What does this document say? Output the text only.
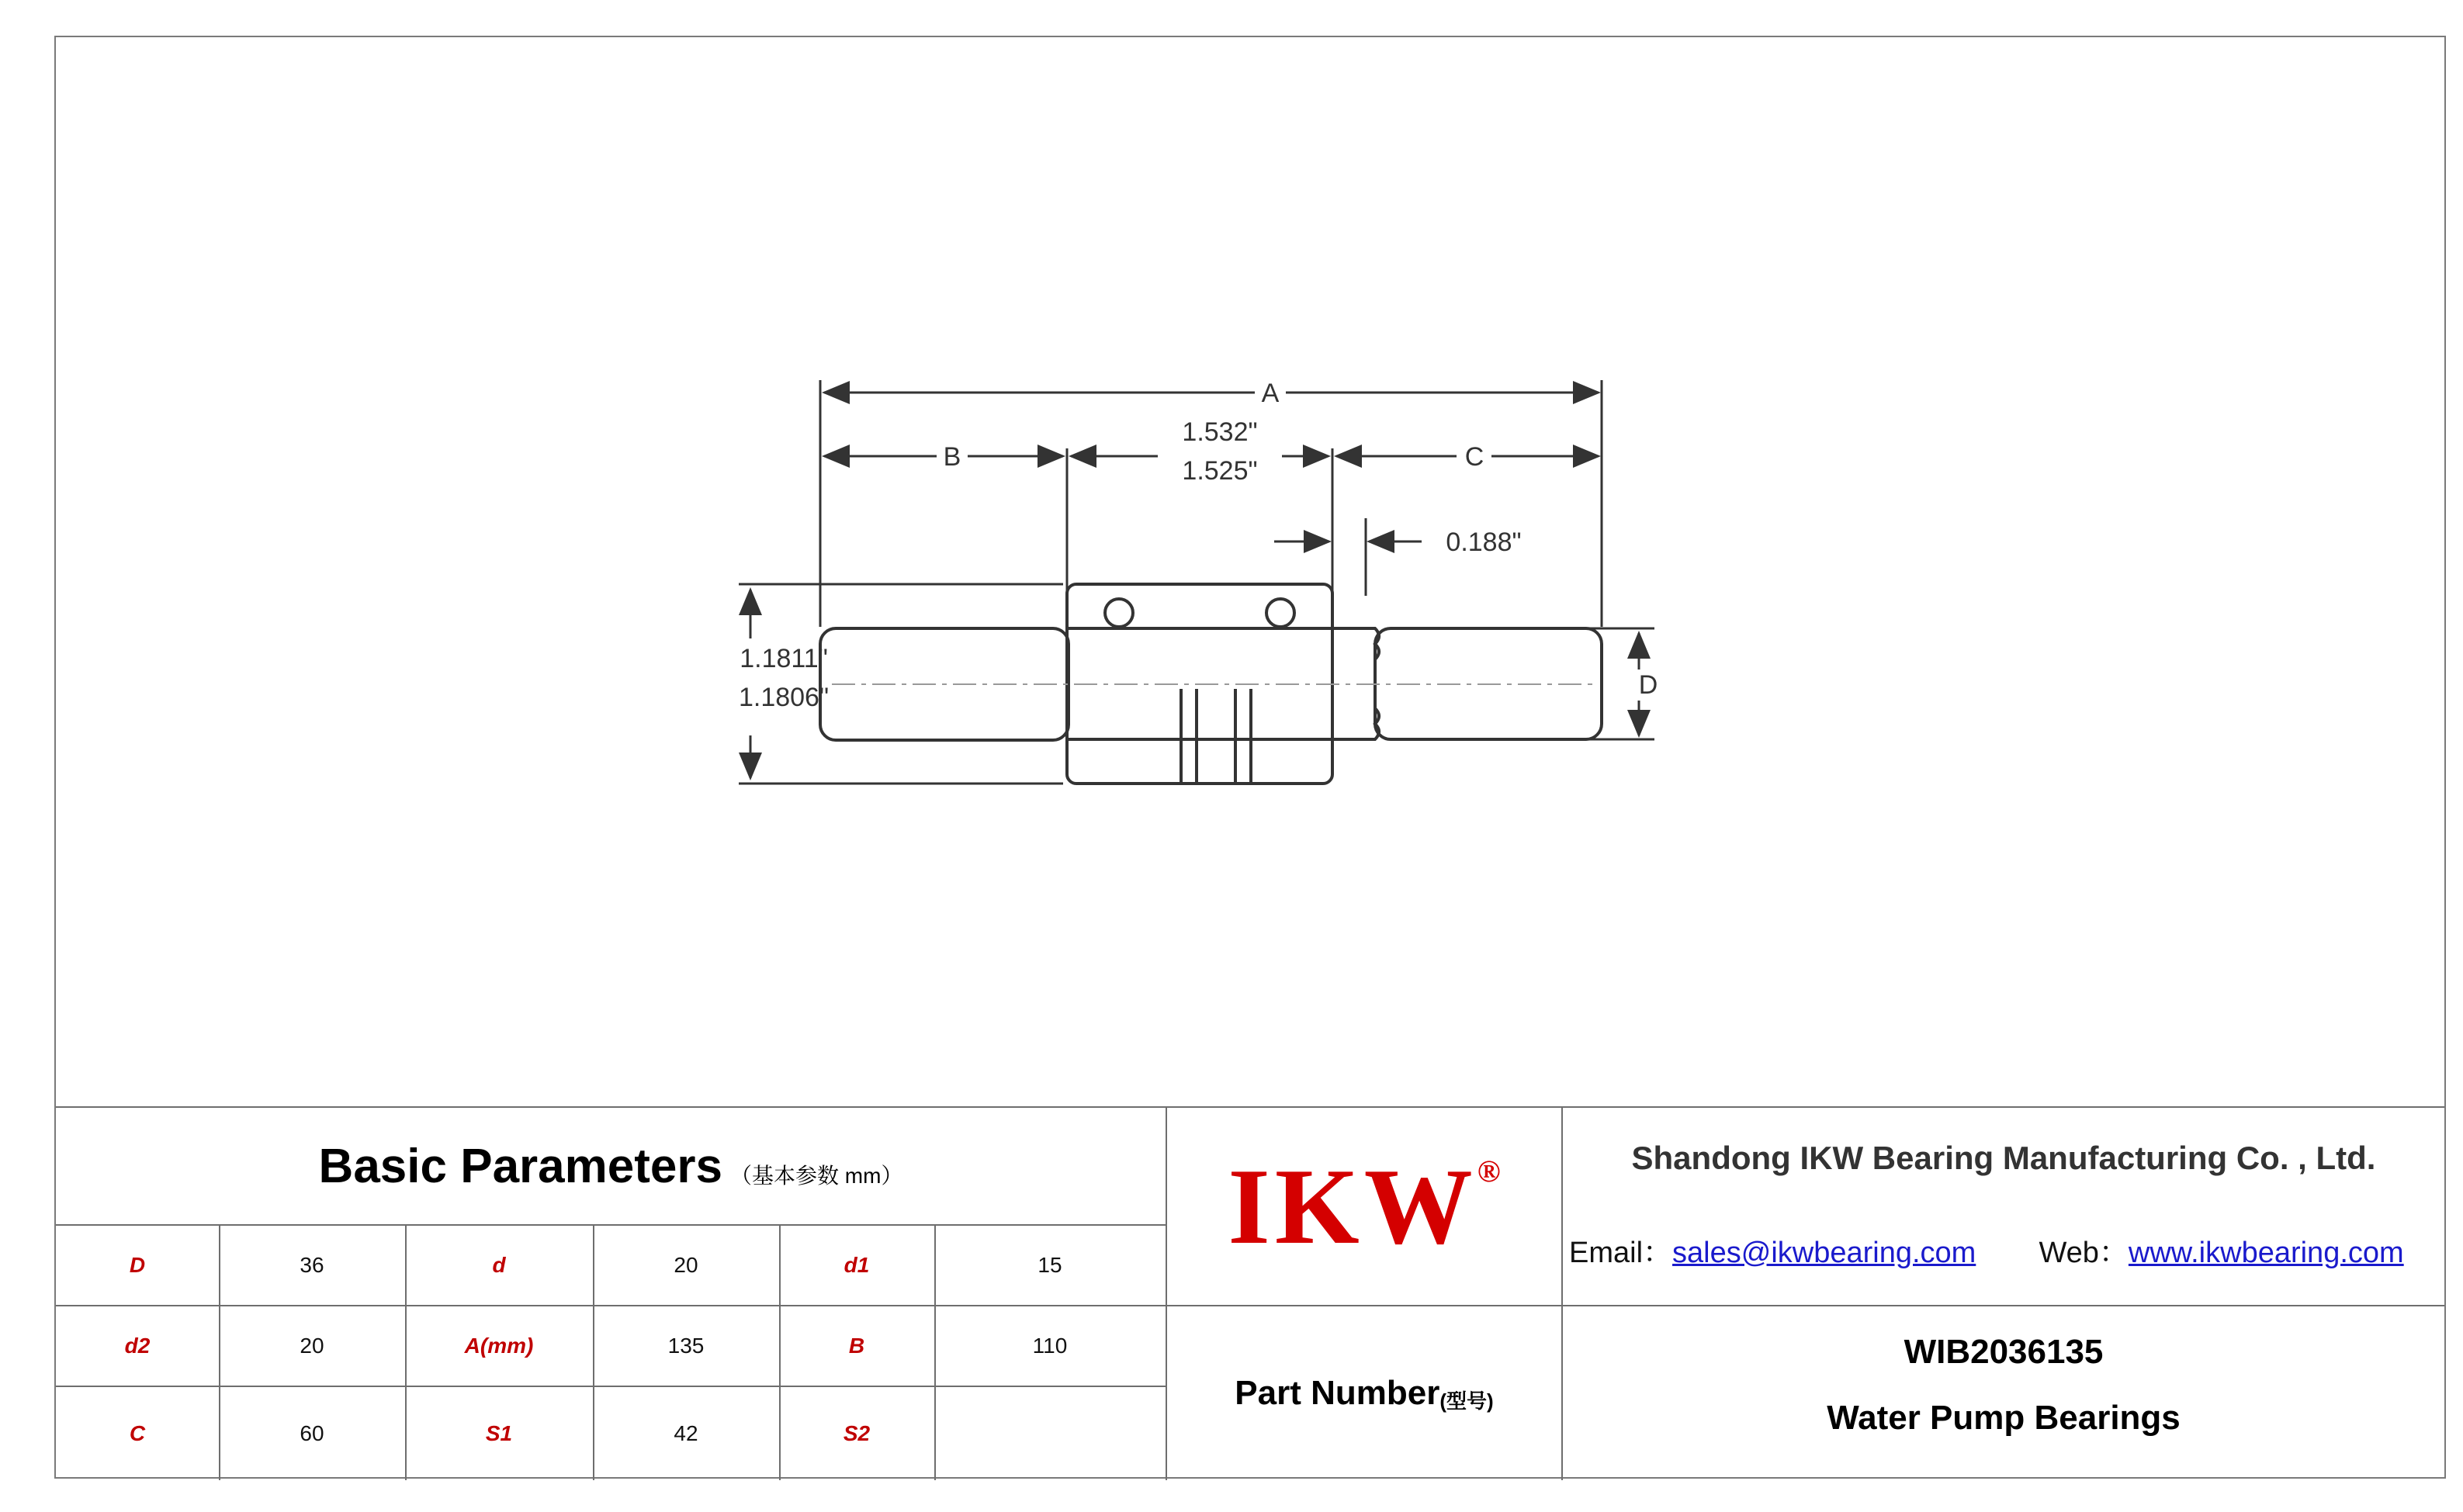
A
B	C
D
1.532"
1.525"
0.188"
1.1811"
1.1806"
Basic Parameters （基本参数 mm）
D	36	d	20	d1	15
d2	20	A(mm)	135	B	110
C	60	S1	42	S2
IKW ®	Shandong IKW Bearing Manufacturing Co. , Ltd.
Email：sales@ikwbearing.com Web：www.ikwbearing.com
Part Number (型号)
WIB2036135
Water Pump Bearings
